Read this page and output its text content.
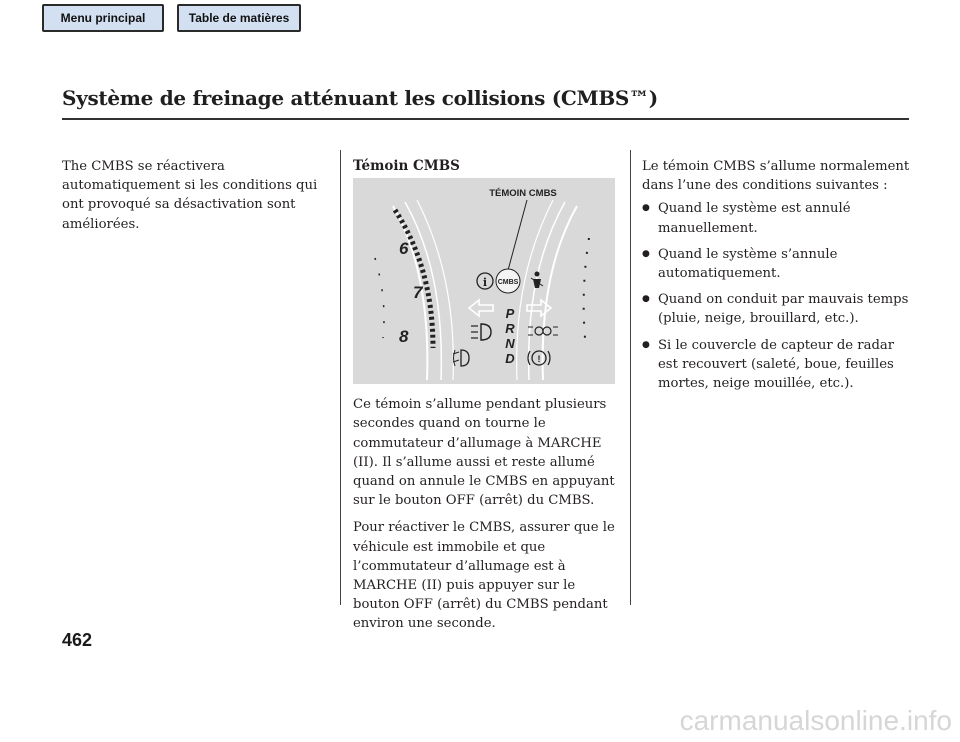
Menu principal	Table de matières
Système de freinage atténuant les collisions (CMBS™)

The CMBS se réactivera automatiquement si les conditions qui ont provoqué sa désactivation sont améliorées.

Témoin CMBS
6
7
8
TÉMOIN CMBS
i CMBS
P
R
N
D	!

Ce témoin s’allume pendant plusieurs secondes quand on tourne le commutateur d’allumage à MARCHE (II). Il s’allume aussi et reste allumé quand on annule le CMBS en appuyant sur le bouton OFF (arrêt) du CMBS.

Pour réactiver le CMBS, assurer que le véhicule est immobile et que l’commutateur d’allumage est à MARCHE (II) puis appuyer sur le bouton OFF (arrêt) du CMBS pendant environ une seconde.

Le témoin CMBS s’allume normalement dans l’une des conditions suivantes :

● Quand le système est annulé manuellement.
● Quand le système s’annule automatiquement.
● Quand on conduit par mauvais temps (pluie, neige, brouillard, etc.).
● Si le couvercle de capteur de radar est recouvert (saleté, boue, feuilles mortes, neige mouillée, etc.).
462
carmanualsonline.info
